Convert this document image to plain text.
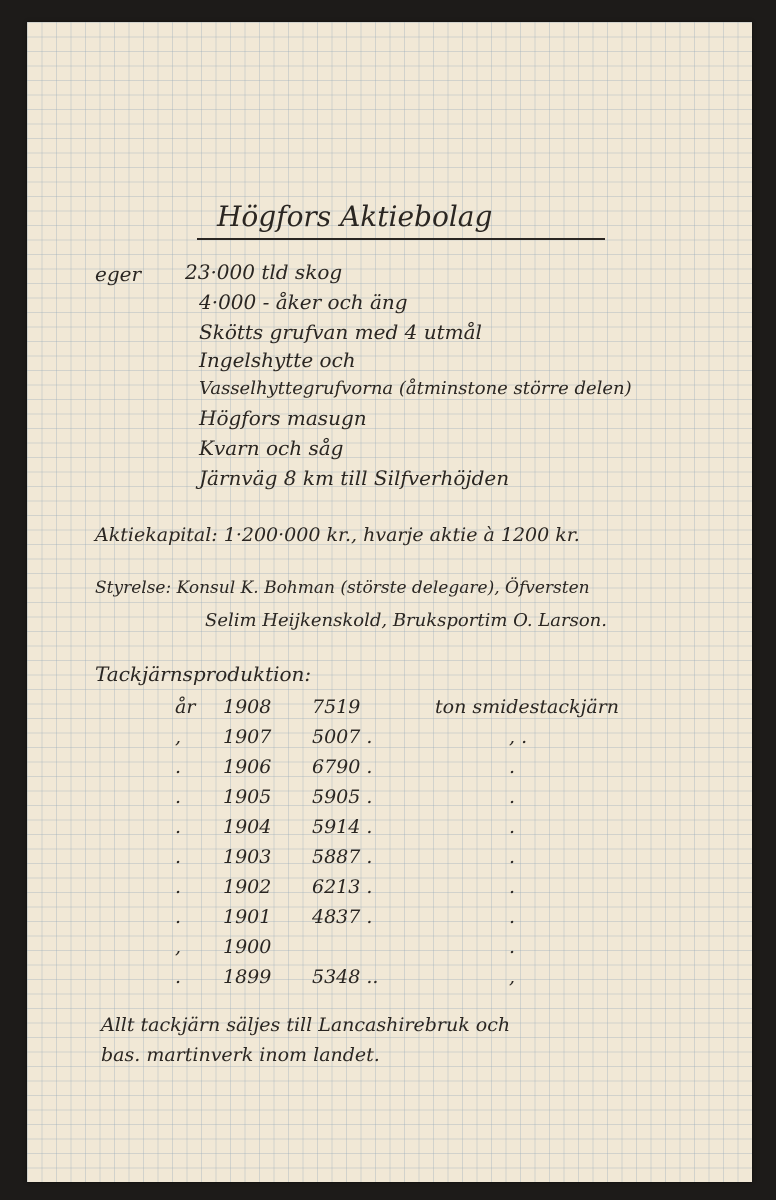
Högfors Aktiebolag
eger 23·000 tld skog
4·000 - åker och äng
Skötts grufvan med 4 utmål
Ingelshytte och
Vasselhyttegrufvorna (åtminstone större delen)
Högfors masugn
Kvarn och såg
Järnväg 8 km till Silfverhöjden
Aktiekapital: 1·200·000 kr., hvarje aktie à 1200 kr.
Styrelse: Konsul K. Bohman (störste delegare), Öfversten
Selim Heijkenskold, Bruksportim O. Larson.
Tackjärnsproduktion:
år 1908 7519	ton smidestackjärn
, 1907 5007 .	, .
. 1906 6790 .	.
. 1905 5905 .	.
. 1904 5914 .	.
. 1903 5887 .	.
. 1902 6213 .	.
. 1901 4837 .	.
, 1900	.
. 1899 5348 ..	,
Allt tackjärn säljes till Lancashirebruk och
bas. martinverk inom landet.
